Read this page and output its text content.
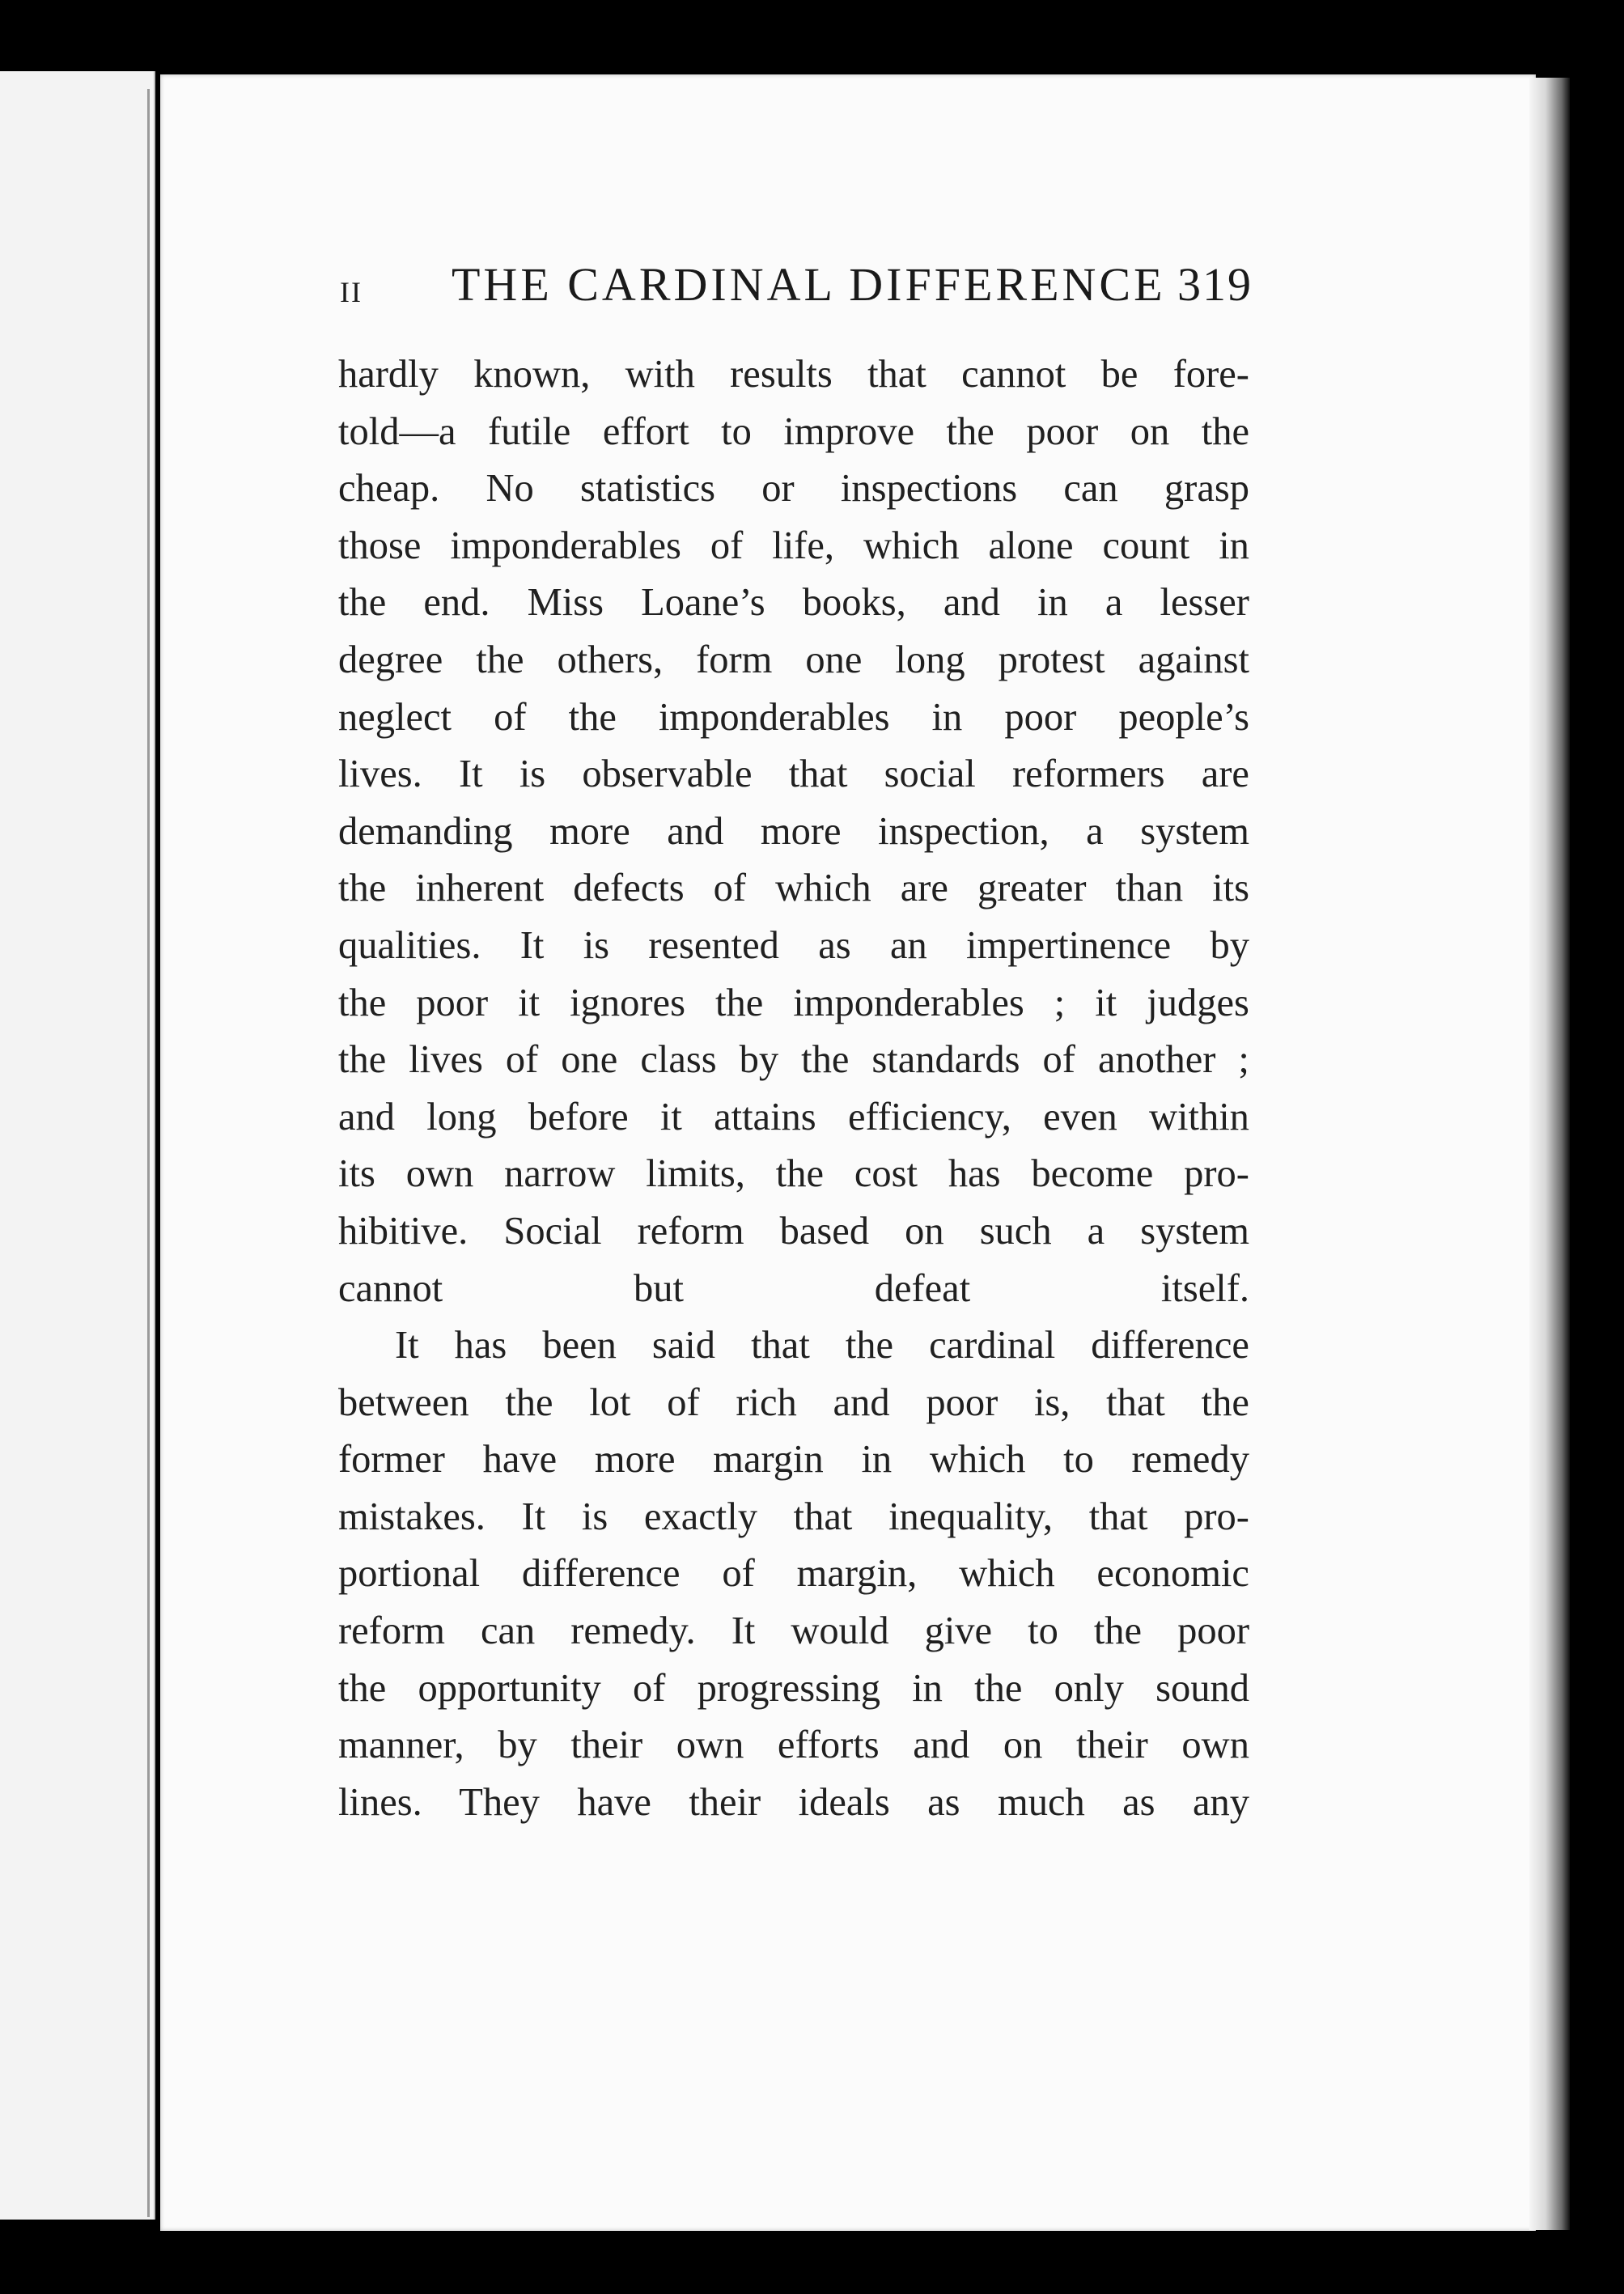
II THE CARDINAL DIFFERENCE 319
hardly known, with results that cannot be fore-
told—a futile effort to improve the poor on the
cheap. No statistics or inspections can grasp
those imponderables of life, which alone count in
the end. Miss Loane’s books, and in a lesser
degree the others, form one long protest against
neglect of the imponderables in poor people’s
lives. It is observable that social reformers are
demanding more and more inspection, a system
the inherent defects of which are greater than its
qualities. It is resented as an impertinence by
the poor it ignores the imponderables ; it judges
the lives of one class by the standards of another ;
and long before it attains efficiency, even within
its own narrow limits, the cost has become pro-
hibitive. Social reform based on such a system
cannot but defeat itself.
It has been said that the cardinal difference
between the lot of rich and poor is, that the
former have more margin in which to remedy
mistakes. It is exactly that inequality, that pro-
portional difference of margin, which economic
reform can remedy. It would give to the poor
the opportunity of progressing in the only sound
manner, by their own efforts and on their own
lines. They have their ideals as much as any
